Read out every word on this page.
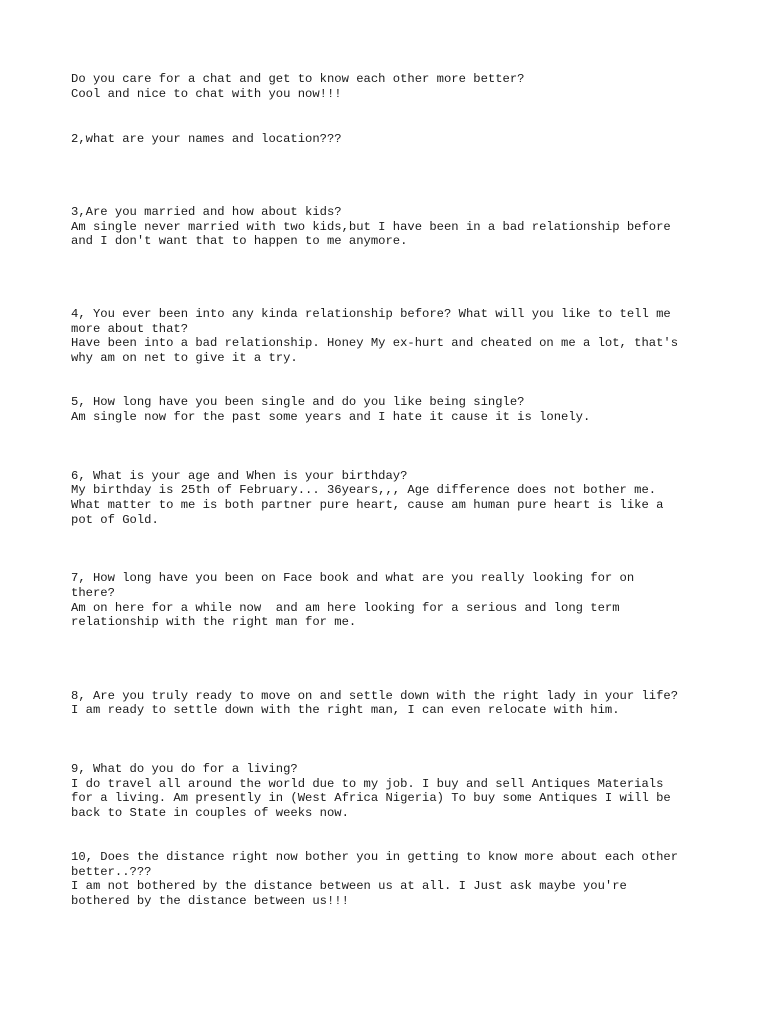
Do you care for a chat and get to know each other more better?

Cool and nice to chat with you now!!!

2,what are your names and location???

3,Are you married and how about kids?

Am single never married with two kids,but I have been in a bad relationship before

and I don't want that to happen to me anymore.

4, You ever been into any kinda relationship before? What will you like to tell me

more about that?

Have been into a bad relationship. Honey My ex-hurt and cheated on me a lot, that's

why am on net to give it a try.

5, How long have you been single and do you like being single?

Am single now for the past some years and I hate it cause it is lonely.

6, What is your age and When is your birthday?

My birthday is 25th of February... 36years,,, Age difference does not bother me.

What matter to me is both partner pure heart, cause am human pure heart is like a

pot of Gold.

7, How long have you been on Face book and what are you really looking for on

there?

Am on here for a while now  and am here looking for a serious and long term

relationship with the right man for me.

8, Are you truly ready to move on and settle down with the right lady in your life?

I am ready to settle down with the right man, I can even relocate with him.

9, What do you do for a living?

I do travel all around the world due to my job. I buy and sell Antiques Materials

for a living. Am presently in (West Africa Nigeria) To buy some Antiques I will be

back to State in couples of weeks now.

10, Does the distance right now bother you in getting to know more about each other

better..???

I am not bothered by the distance between us at all. I Just ask maybe you're

bothered by the distance between us!!!
